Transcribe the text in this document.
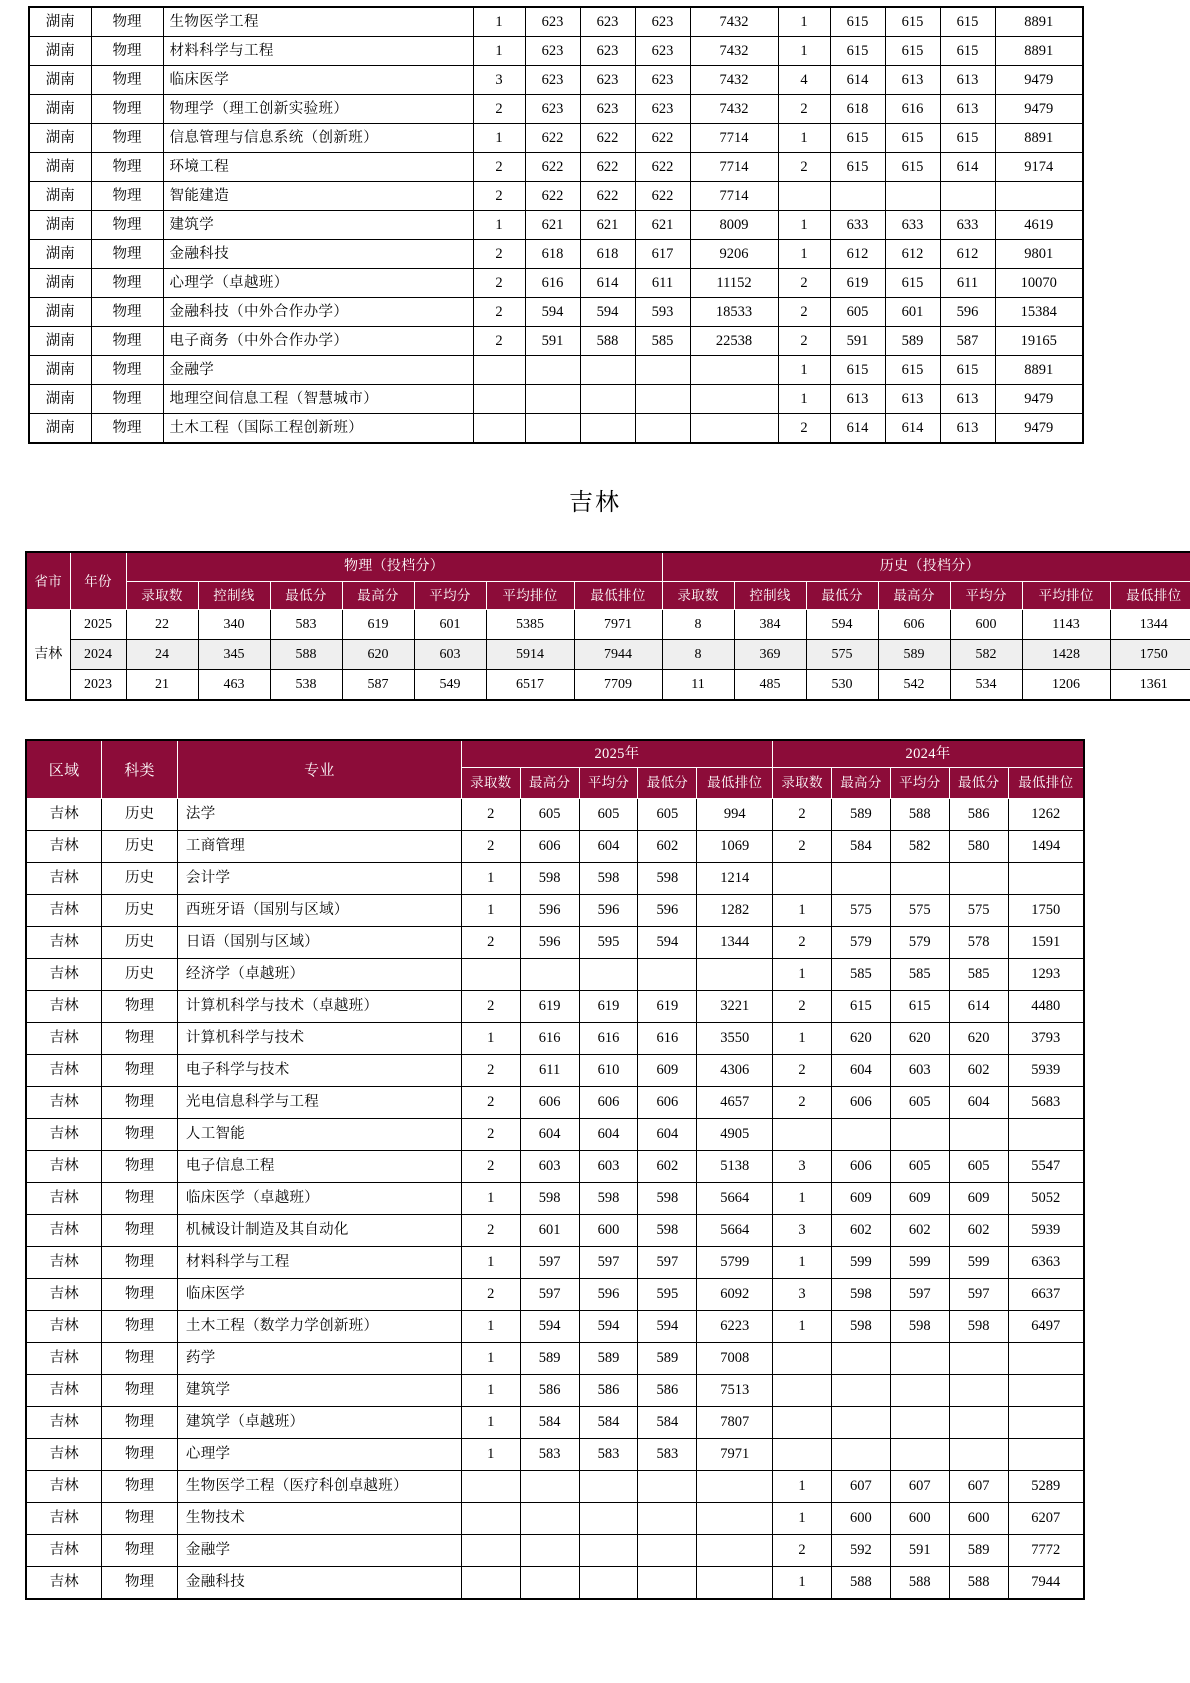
湖南	物理	生物医学工程	1	623	623	623	7432	1	615	615	615	8891
湖南	物理	材料科学与工程	1	623	623	623	7432	1	615	615	615	8891
湖南	物理	临床医学	3	623	623	623	7432	4	614	613	613	9479
湖南	物理	物理学（理工创新实验班）	2	623	623	623	7432	2	618	616	613	9479
湖南	物理	信息管理与信息系统（创新班）	1	622	622	622	7714	1	615	615	615	8891
湖南	物理	环境工程	2	622	622	622	7714	2	615	615	614	9174
湖南	物理	智能建造	2	622	622	622	7714					
湖南	物理	建筑学	1	621	621	621	8009	1	633	633	633	4619
湖南	物理	金融科技	2	618	618	617	9206	1	612	612	612	9801
湖南	物理	心理学（卓越班）	2	616	614	611	11152	2	619	615	611	10070
湖南	物理	金融科技（中外合作办学）	2	594	594	593	18533	2	605	601	596	15384
湖南	物理	电子商务（中外合作办学）	2	591	588	585	22538	2	591	589	587	19165
湖南	物理	金融学						1	615	615	615	8891
湖南	物理	地理空间信息工程（智慧城市）						1	613	613	613	9479
湖南	物理	土木工程（国际工程创新班）						2	614	614	613	9479
吉林
省市	年份	物理（投档分）							历史（投档分）						
		录取数	控制线	最低分	最高分	平均分	平均排位	最低排位	录取数	控制线	最低分	最高分	平均分	平均排位	最低排位
吉林	2025	22	340	583	619	601	5385	7971	8	384	594	606	600	1143	1344
	2024	24	345	588	620	603	5914	7944	8	369	575	589	582	1428	1750
	2023	21	463	538	587	549	6517	7709	11	485	530	542	534	1206	1361
区域	科类	专业	2025年					2024年				
			录取数	最高分	平均分	最低分	最低排位	录取数	最高分	平均分	最低分	最低排位
吉林	历史	法学	2	605	605	605	994	2	589	588	586	1262
吉林	历史	工商管理	2	606	604	602	1069	2	584	582	580	1494
吉林	历史	会计学	1	598	598	598	1214					
吉林	历史	西班牙语（国别与区域）	1	596	596	596	1282	1	575	575	575	1750
吉林	历史	日语（国别与区域）	2	596	595	594	1344	2	579	579	578	1591
吉林	历史	经济学（卓越班）						1	585	585	585	1293
吉林	物理	计算机科学与技术（卓越班）	2	619	619	619	3221	2	615	615	614	4480
吉林	物理	计算机科学与技术	1	616	616	616	3550	1	620	620	620	3793
吉林	物理	电子科学与技术	2	611	610	609	4306	2	604	603	602	5939
吉林	物理	光电信息科学与工程	2	606	606	606	4657	2	606	605	604	5683
吉林	物理	人工智能	2	604	604	604	4905					
吉林	物理	电子信息工程	2	603	603	602	5138	3	606	605	605	5547
吉林	物理	临床医学（卓越班）	1	598	598	598	5664	1	609	609	609	5052
吉林	物理	机械设计制造及其自动化	2	601	600	598	5664	3	602	602	602	5939
吉林	物理	材料科学与工程	1	597	597	597	5799	1	599	599	599	6363
吉林	物理	临床医学	2	597	596	595	6092	3	598	597	597	6637
吉林	物理	土木工程（数学力学创新班）	1	594	594	594	6223	1	598	598	598	6497
吉林	物理	药学	1	589	589	589	7008					
吉林	物理	建筑学	1	586	586	586	7513					
吉林	物理	建筑学（卓越班）	1	584	584	584	7807					
吉林	物理	心理学	1	583	583	583	7971					
吉林	物理	生物医学工程（医疗科创卓越班）						1	607	607	607	5289
吉林	物理	生物技术						1	600	600	600	6207
吉林	物理	金融学						2	592	591	589	7772
吉林	物理	金融科技						1	588	588	588	7944
